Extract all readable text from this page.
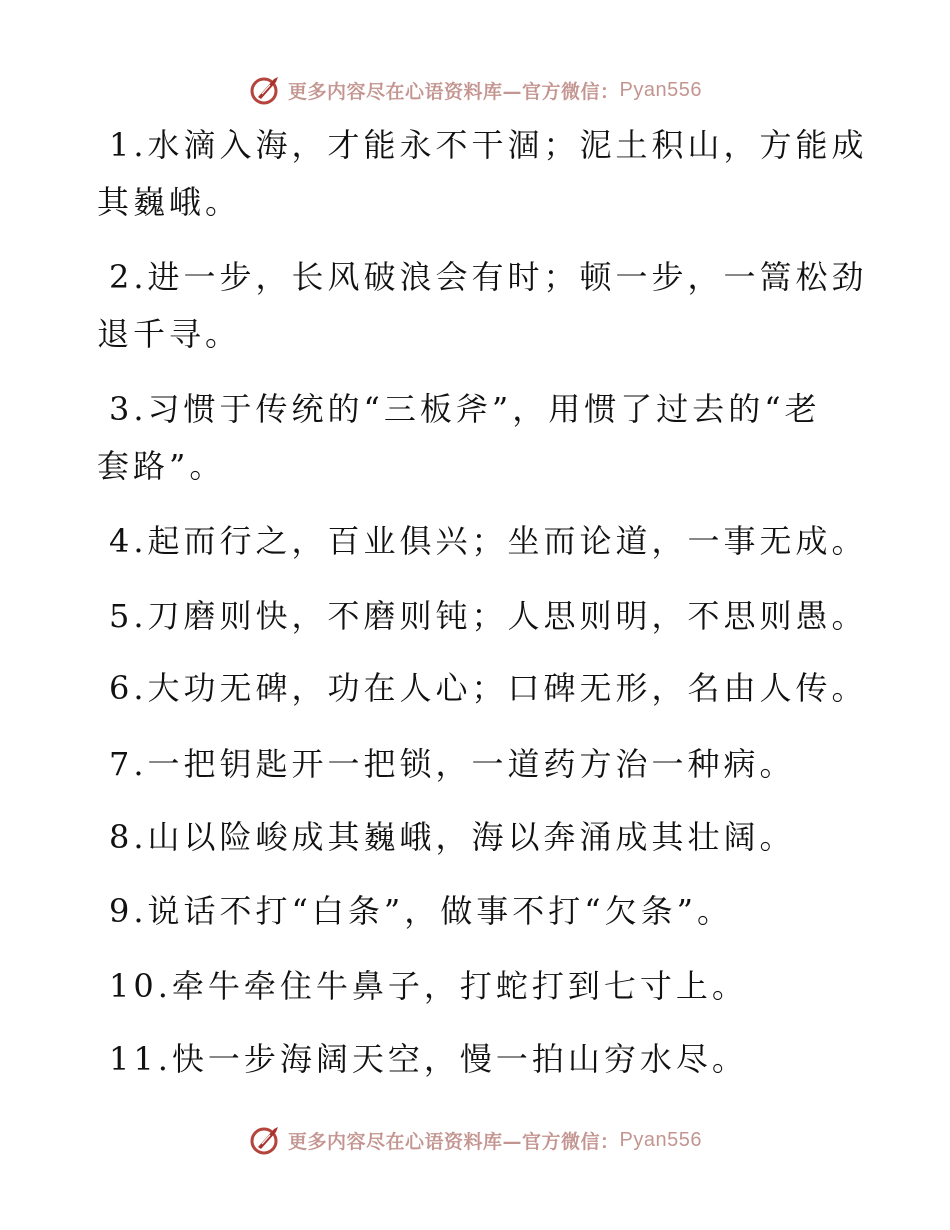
更多内容尽在心语资料库—官方微信： Pyan556
1.水滴入海，才能永不干涸；泥土积山，方能成
其巍峨。
2.进一步，长风破浪会有时；顿一步，一篙松劲
退千寻。
3.习惯于传统的“三板斧”，用惯了过去的“老
套路”。
4.起而行之，百业俱兴；坐而论道，一事无成。
5.刀磨则快，不磨则钝；人思则明，不思则愚。
6.大功无碑，功在人心；口碑无形，名由人传。
7.一把钥匙开一把锁，一道药方治一种病。
8.山以险峻成其巍峨，海以奔涌成其壮阔。
9.说话不打“白条”，做事不打“欠条”。
10.牵牛牵住牛鼻子，打蛇打到七寸上。
11.快一步海阔天空，慢一拍山穷水尽。
更多内容尽在心语资料库—官方微信： Pyan556
